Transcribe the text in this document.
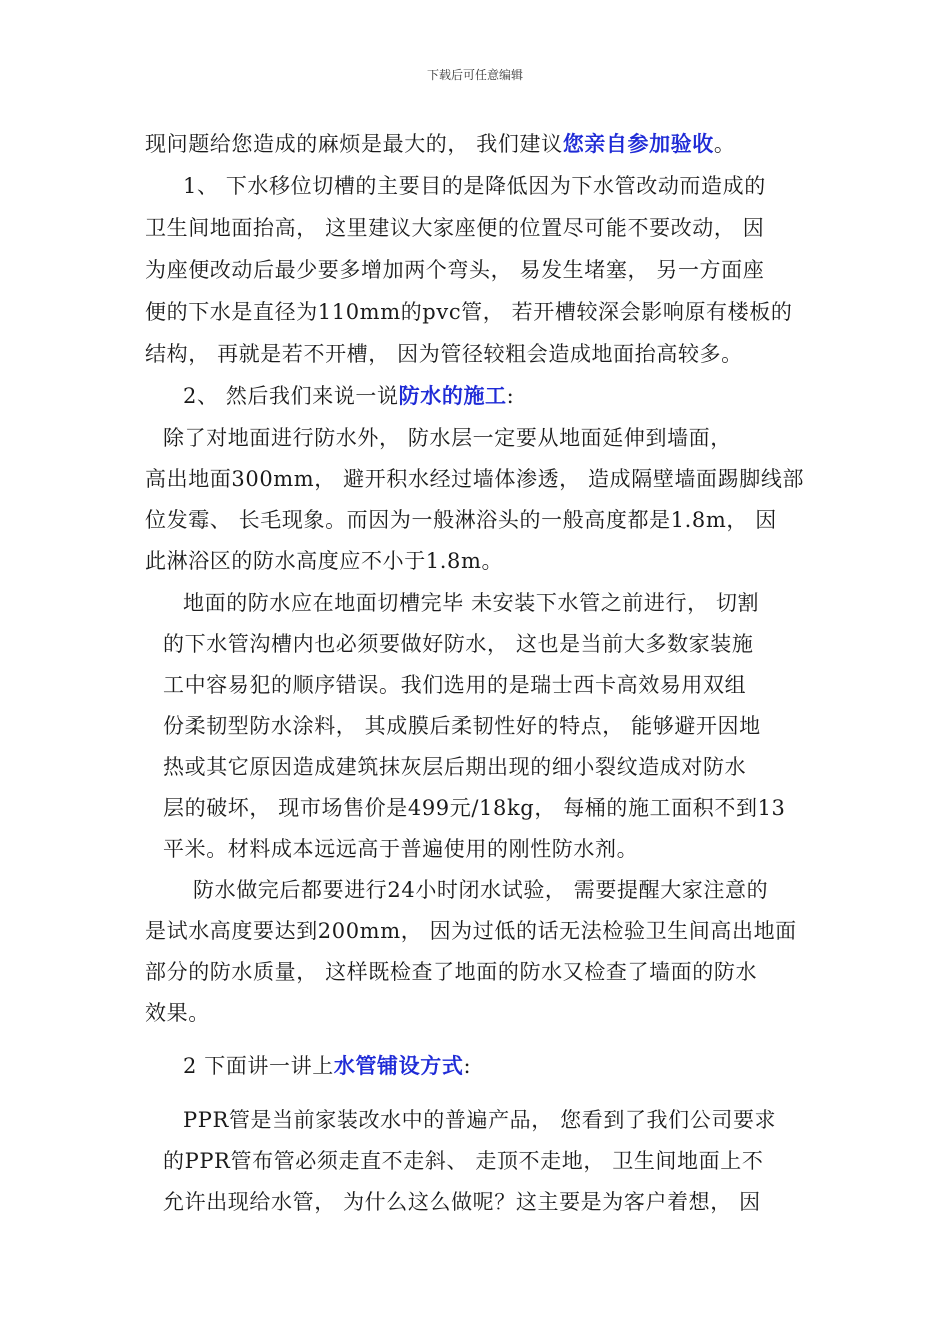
下载后可任意编辑
现问题给您造成的麻烦是最大的， 我们建议您亲自参加验收。
1、 下水移位切槽的主要目的是降低因为下水管改动而造成的
卫生间地面抬高， 这里建议大家座便的位置尽可能不要改动， 因
为座便改动后最少要多增加两个弯头， 易发生堵塞， 另一方面座
便的下水是直径为110mm的pvc管， 若开槽较深会影响原有楼板的
结构， 再就是若不开槽， 因为管径较粗会造成地面抬高较多。
2、 然后我们来说一说防水的施工:
除了对地面进行防水外， 防水层一定要从地面延伸到墙面，
高出地面300mm， 避开积水经过墙体渗透， 造成隔壁墙面踢脚线部
位发霉、 长毛现象。而因为一般淋浴头的一般高度都是1.8m， 因
此淋浴区的防水高度应不小于1.8m。
地面的防水应在地面切槽完毕 未安装下水管之前进行， 切割
的下水管沟槽内也必须要做好防水， 这也是当前大多数家装施
工中容易犯的顺序错误。我们选用的是瑞士西卡高效易用双组
份柔韧型防水涂料， 其成膜后柔韧性好的特点， 能够避开因地
热或其它原因造成建筑抹灰层后期出现的细小裂纹造成对防水
层的破坏， 现市场售价是499元/18kg， 每桶的施工面积不到13
平米。材料成本远远高于普遍使用的刚性防水剂。
防水做完后都要进行24小时闭水试验， 需要提醒大家注意的
是试水高度要达到200mm， 因为过低的话无法检验卫生间高出地面
部分的防水质量， 这样既检查了地面的防水又检查了墙面的防水
效果。
2 下面讲一讲上水管铺设方式:
PPR管是当前家装改水中的普遍产品， 您看到了我们公司要求
的PPR管布管必须走直不走斜、 走顶不走地， 卫生间地面上不
允许出现给水管， 为什么这么做呢？这主要是为客户着想， 因
